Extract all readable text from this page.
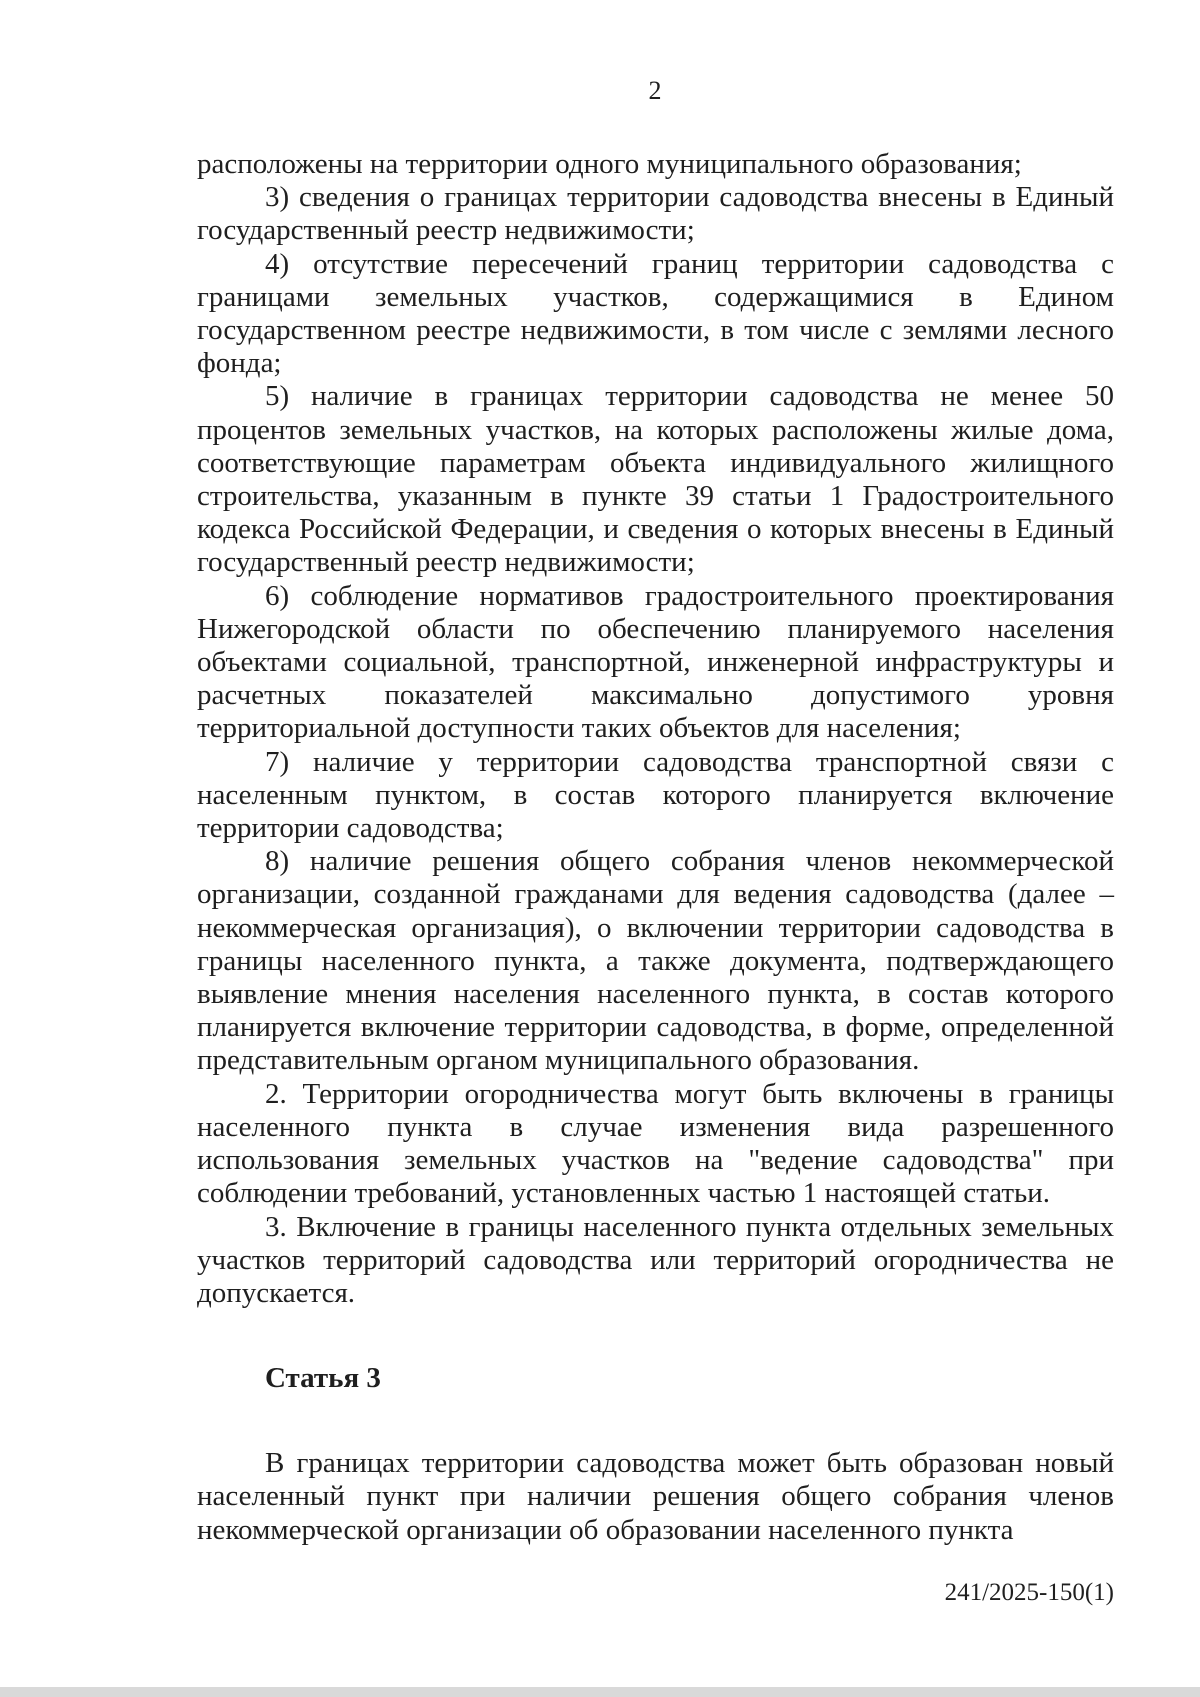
2

расположены на территории одного муниципального образования;

3) сведения о границах территории садоводства внесены в Единый государственный реестр недвижимости;

4) отсутствие пересечений границ территории садоводства с границами земельных участков, содержащимися в Едином государственном реестре недвижимости, в том числе с землями лесного фонда;

5) наличие в границах территории садоводства не менее 50 процентов земельных участков, на которых расположены жилые дома, соответствующие параметрам объекта индивидуального жилищного строительства, указанным в пункте 39 статьи 1 Градостроительного кодекса Российской Федерации, и сведения о которых внесены в Единый государственный реестр недвижимости;

6) соблюдение нормативов градостроительного проектирования Нижегородской области по обеспечению планируемого населения объектами социальной, транспортной, инженерной инфраструктуры и расчетных показателей максимально допустимого уровня территориальной доступности таких объектов для населения;

7) наличие у территории садоводства транспортной связи с населенным пунктом, в состав которого планируется включение территории садоводства;

8) наличие решения общего собрания членов некоммерческой организации, созданной гражданами для ведения садоводства (далее – некоммерческая организация), о включении территории садоводства в границы населенного пункта, а также документа, подтверждающего выявление мнения населения населенного пункта, в состав которого планируется включение территории садоводства, в форме, определенной представительным органом муниципального образования.

2. Территории огородничества могут быть включены в границы населенного пункта в случае изменения вида разрешенного использования земельных участков на "ведение садоводства" при соблюдении требований, установленных частью 1 настоящей статьи.

3. Включение в границы населенного пункта отдельных земельных участков территорий садоводства или территорий огородничества не допускается.

Статья 3

В границах территории садоводства может быть образован новый населенный пункт при наличии решения общего собрания членов некоммерческой организации об образовании населенного пункта

241/2025-150(1)
